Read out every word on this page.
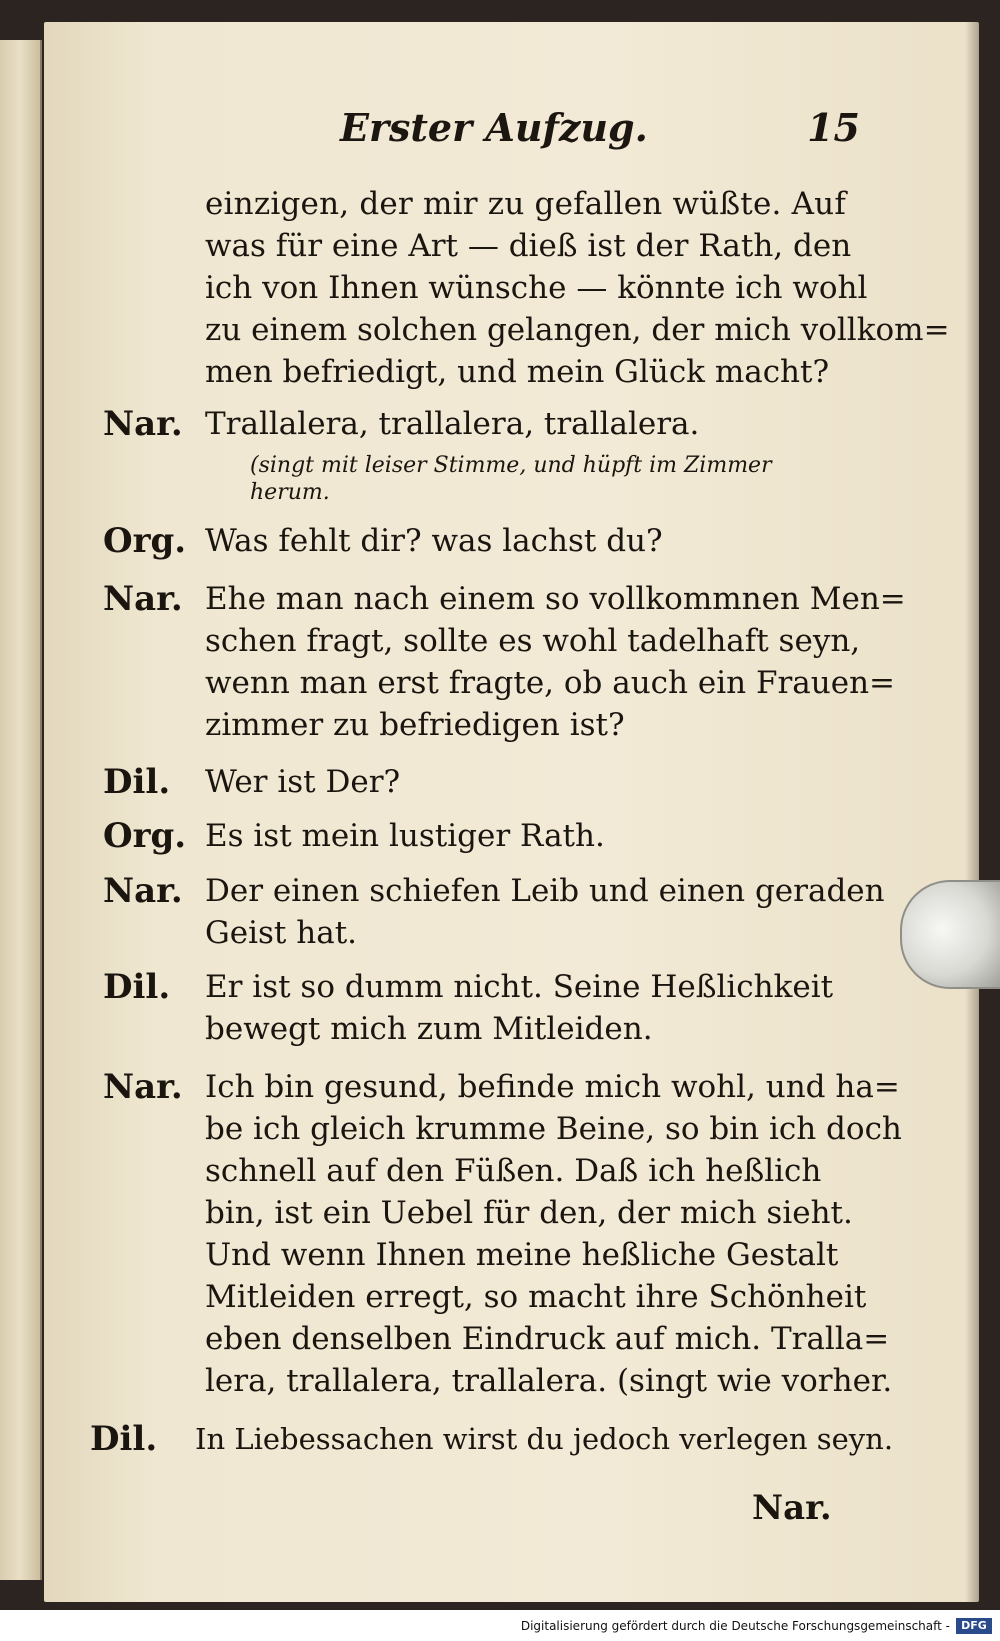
Erster Aufzug.	15
einzigen, der mir zu gefallen wüßte. Auf
was für eine Art — dieß ist der Rath, den
ich von Ihnen wünsche — könnte ich wohl
zu einem solchen gelangen, der mich vollkom=
men befriedigt, und mein Glück macht?
Nar. Trallalera, trallalera, trallalera.
(singt mit leiser Stimme, und hüpft im Zimmer
herum.
Org. Was fehlt dir? was lachst du?
Nar. Ehe man nach einem so vollkommnen Men=
schen fragt, sollte es wohl tadelhaft seyn,
wenn man erst fragte, ob auch ein Frauen=
zimmer zu befriedigen ist?
Dil. Wer ist Der?
Org. Es ist mein lustiger Rath.
Nar. Der einen schiefen Leib und einen geraden
Geist hat.
Dil. Er ist so dumm nicht. Seine Heßlichkeit
bewegt mich zum Mitleiden.
Nar. Ich bin gesund, befinde mich wohl, und ha=
be ich gleich krumme Beine, so bin ich doch
schnell auf den Füßen. Daß ich heßlich
bin, ist ein Uebel für den, der mich sieht.
Und wenn Ihnen meine heßliche Gestalt
Mitleiden erregt, so macht ihre Schönheit
eben denselben Eindruck auf mich. Tralla=
lera, trallalera, trallalera. (singt wie vorher.
Dil. In Liebessachen wirst du jedoch verlegen seyn.
Nar.
Digitalisierung gefördert durch die Deutsche Forschungsgemeinschaft -	DFG
